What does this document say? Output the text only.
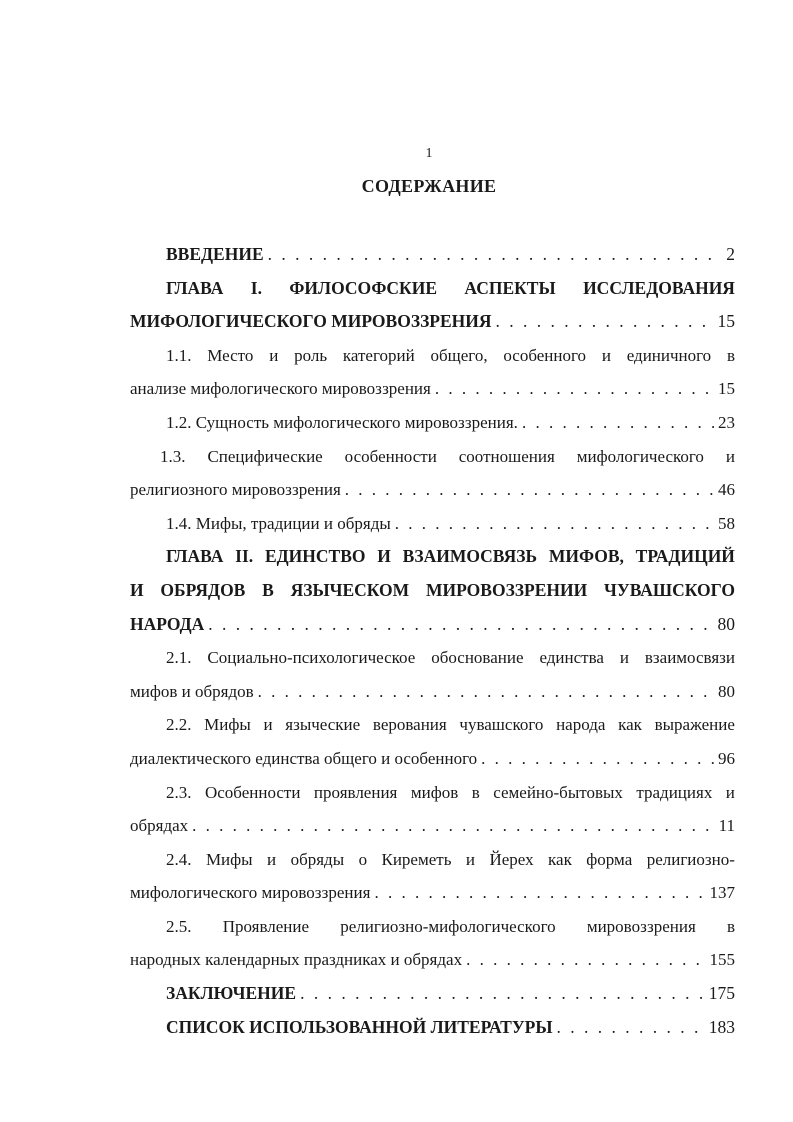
1
СОДЕРЖАНИЕ
ВВЕДЕНИЕ . . .	2
ГЛАВА I. ФИЛОСОФСКИЕ АСПЕКТЫ ИССЛЕДОВАНИЯ
МИФОЛОГИЧЕСКОГО МИРОВОЗЗРЕНИЯ . . .	15
1.1. Место и роль категорий общего, особенного и единичного в
анализе мифологического мировоззрения . . .	15
1.2. Сущность мифологического мировоззрения. . . .	23
1.3. Специфические особенности соотношения мифологического и
религиозного мировоззрения . . .	46
1.4. Мифы, традиции и обряды . . .	58
ГЛАВА II. ЕДИНСТВО И ВЗАИМОСВЯЗЬ МИФОВ, ТРАДИЦИЙ
И ОБРЯДОВ В ЯЗЫЧЕСКОМ МИРОВОЗЗРЕНИИ ЧУВАШСКОГО
НАРОДА . . .	80
2.1. Социально-психологическое обоснование единства и взаимосвязи
мифов и обрядов . . .	80
2.2. Мифы и языческие верования чувашского народа как выражение
диалектического единства общего и особенного . . .	96
2.3. Особенности проявления мифов в семейно-бытовых традициях и
обрядах . . .	11
2.4. Мифы и обряды о Киреметь и Йерех как форма религиозно-
мифологического мировоззрения . . .	137
2.5. Проявление религиозно-мифологического мировоззрения в
народных календарных праздниках и обрядах . . .	155
ЗАКЛЮЧЕНИЕ . . .	175
СПИСОК ИСПОЛЬЗОВАННОЙ ЛИТЕРАТУРЫ . . .	183
